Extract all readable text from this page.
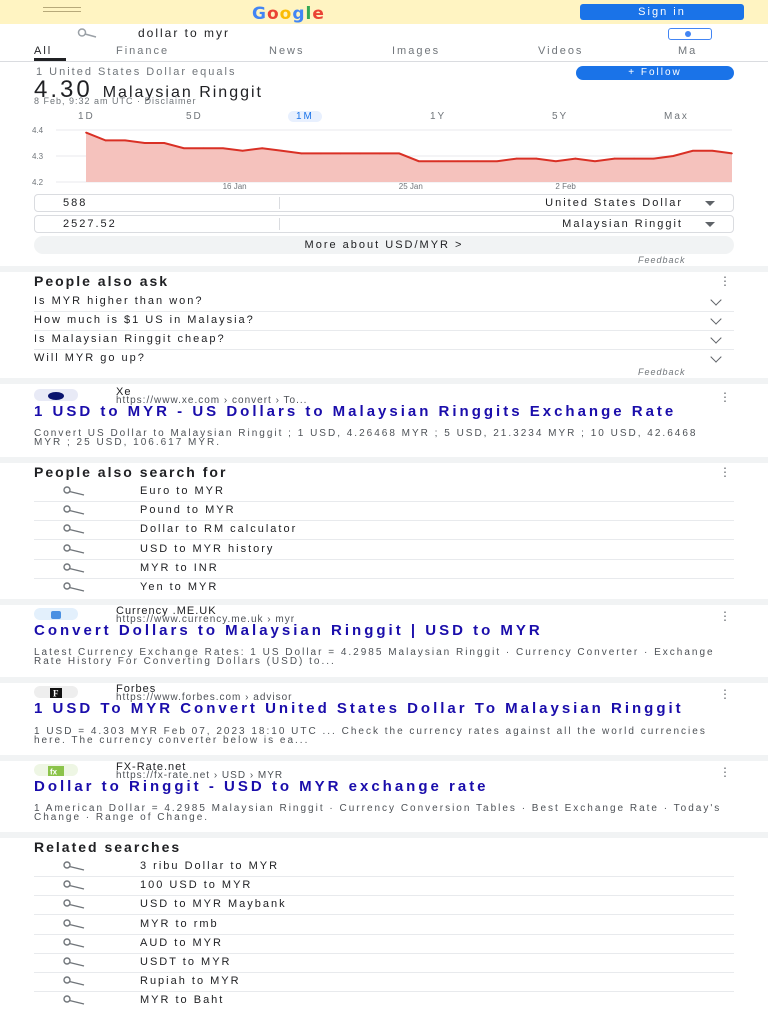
G o o g l e	Sign in
dollar to myr
All	Finance	News	Images	Videos	Ma
1 United States Dollar equals	+ Follow
4.30 Malaysian Ringgit
8 Feb, 9:32 am UTC · Disclaimer
1D	5D	1M	1Y	5Y	Max
4.4
4.3
4.2	16 Jan	25 Jan	2 Feb
588	United States Dollar
2527.52	Malaysian Ringgit
More about USD/MYR >
Feedback
People also ask	⋮
Is MYR higher than won?
How much is $1 US in Malaysia?
Is Malaysian Ringgit cheap?
Will MYR go up?
Feedback
Xe
https://www.xe.com › convert › To...	⋮
1 USD to MYR - US Dollars to Malaysian Ringgits Exchange Rate
Convert US Dollar to Malaysian Ringgit ; 1 USD, 4.26468 MYR ; 5 USD, 21.3234 MYR ; 10 USD, 42.6468 MYR ; 25 USD, 106.617 MYR.
People also search for	⋮
Euro to MYR
Pound to MYR
Dollar to RM calculator
USD to MYR history
MYR to INR
Yen to MYR
Currency .ME.UK
https://www.currency.me.uk › myr	⋮
Convert Dollars to Malaysian Ringgit | USD to MYR
Latest Currency Exchange Rates: 1 US Dollar = 4.2985 Malaysian Ringgit · Currency Converter · Exchange Rate History For Converting Dollars (USD) to...
F	Forbes
https://www.forbes.com › advisor	⋮
1 USD To MYR Convert United States Dollar To Malaysian Ringgit
1 USD = 4.303 MYR Feb 07, 2023 18:10 UTC ... Check the currency rates against all the world currencies here. The currency converter below is ea...
fx	FX-Rate.net
https://fx-rate.net › USD › MYR	⋮
Dollar to Ringgit - USD to MYR exchange rate
1 American Dollar = 4.2985 Malaysian Ringgit · Currency Conversion Tables · Best Exchange Rate · Today's Change · Range of Change.
Related searches
3 ribu Dollar to MYR
100 USD to MYR
USD to MYR Maybank
MYR to rmb
AUD to MYR
USDT to MYR
Rupiah to MYR
MYR to Baht
